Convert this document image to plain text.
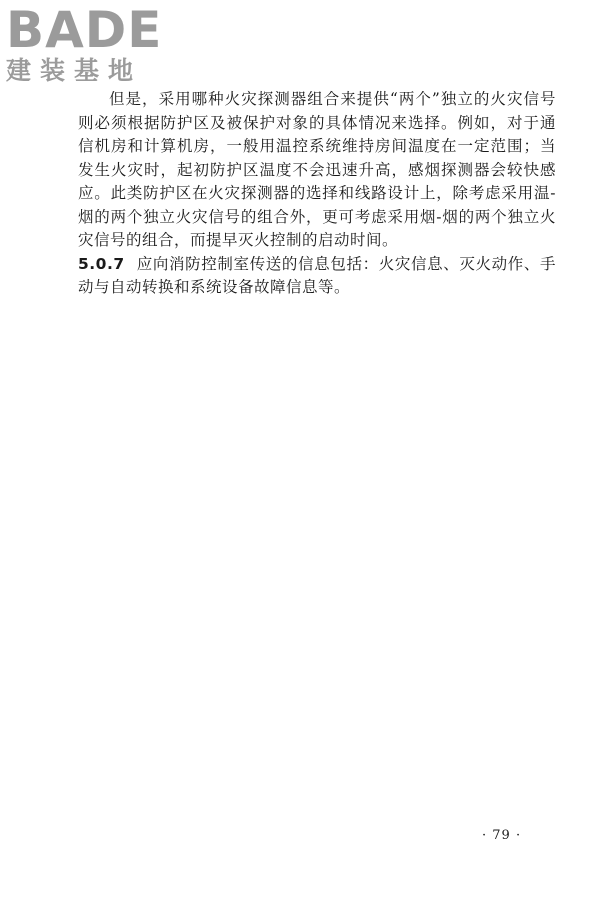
BADE
建装基地

但是，采用哪种火灾探测器组合来提供“两个”独立的火灾信号则必须根据防护区及被保护对象的具体情况来选择。例如，对于通信机房和计算机房，一般用温控系统维持房间温度在一定范围；当发生火灾时，起初防护区温度不会迅速升高，感烟探测器会较快感应。此类防护区在火灾探测器的选择和线路设计上，除考虑采用温-烟的两个独立火灾信号的组合外，更可考虑采用烟-烟的两个独立火灾信号的组合，而提早灭火控制的启动时间。

5.0.7 应向消防控制室传送的信息包括：火灾信息、灭火动作、手动与自动转换和系统设备故障信息等。

· 79 ·
